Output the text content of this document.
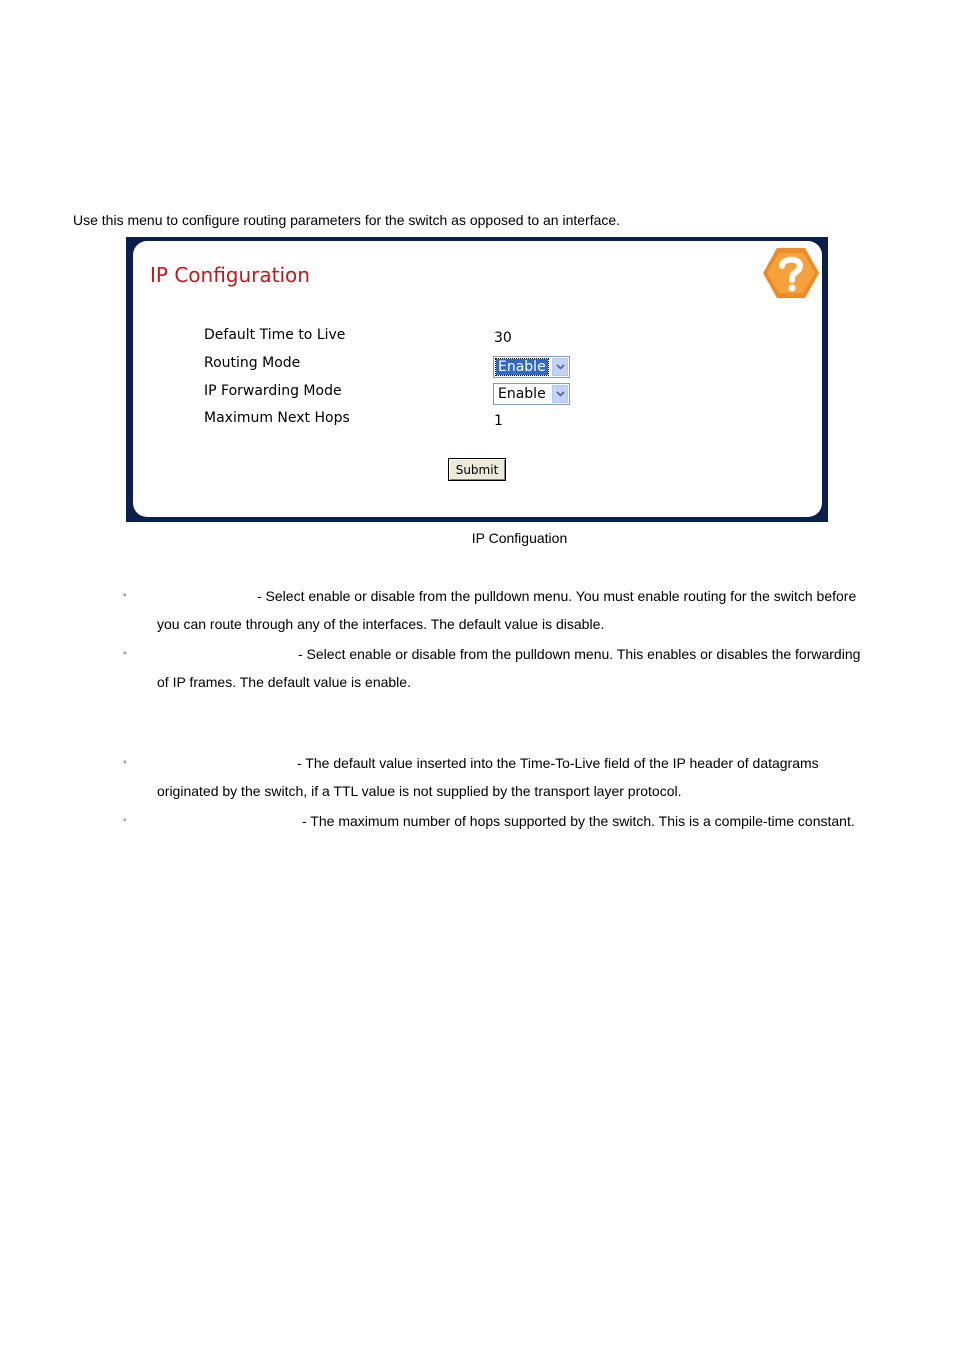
Use this menu to configure routing parameters for the switch as opposed to an interface.
IP Configuration
Default Time to Live	30
Routing Mode	Enable
IP Forwarding Mode	Enable
Maximum Next Hops	1
Submit
IP Configuation
◦	- Select enable or disable from the pulldown menu. You must enable routing for the switch before
you can route through any of the interfaces. The default value is disable.
◦	- Select enable or disable from the pulldown menu. This enables or disables the forwarding
of IP frames. The default value is enable.
◦	- The default value inserted into the Time-To-Live field of the IP header of datagrams
originated by the switch, if a TTL value is not supplied by the transport layer protocol.
◦	- The maximum number of hops supported by the switch. This is a compile-time constant.
